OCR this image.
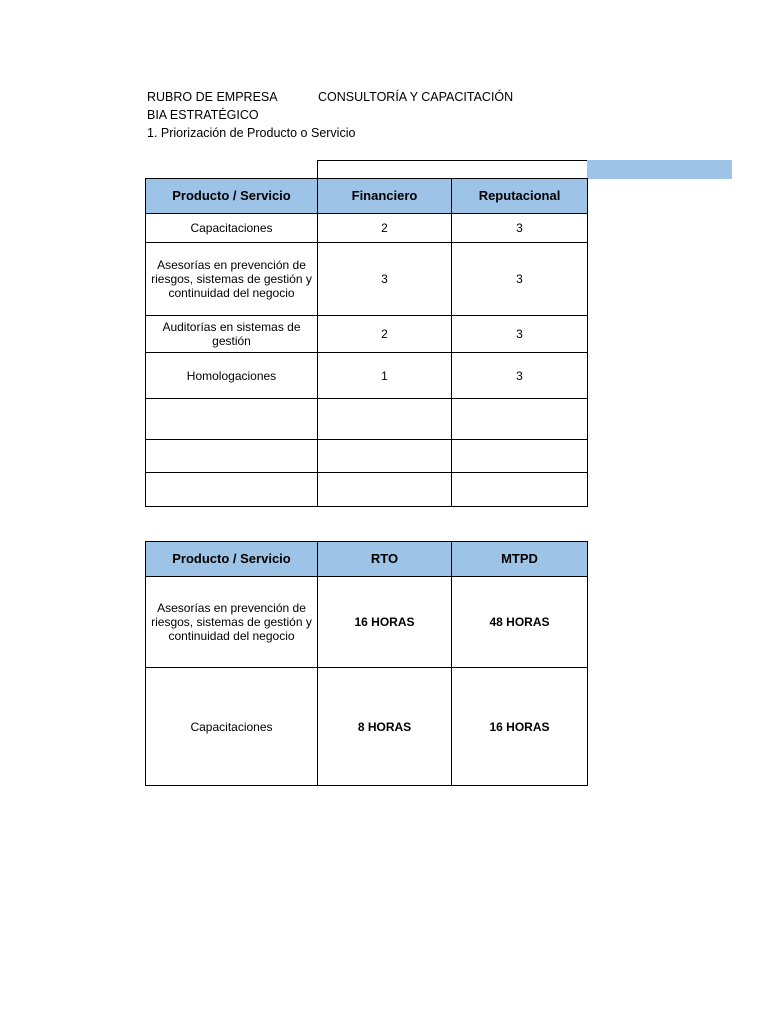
RUBRO DE EMPRESA	CONSULTORÍA Y CAPACITACIÓN
BIA ESTRATÉGICO
1. Priorización de Producto o Servicio
Producto / Servicio	Financiero	Reputacional
Capacitaciones	2	3
Asesorías en prevención de riesgos, sistemas de gestión y continuidad del negocio	3	3
Auditorías en sistemas de gestión	2	3
Homologaciones	1	3

Producto / Servicio	RTO	MTPD
Asesorías en prevención de riesgos, sistemas de gestión y continuidad del negocio	16 HORAS	48 HORAS
Capacitaciones	8 HORAS	16 HORAS
